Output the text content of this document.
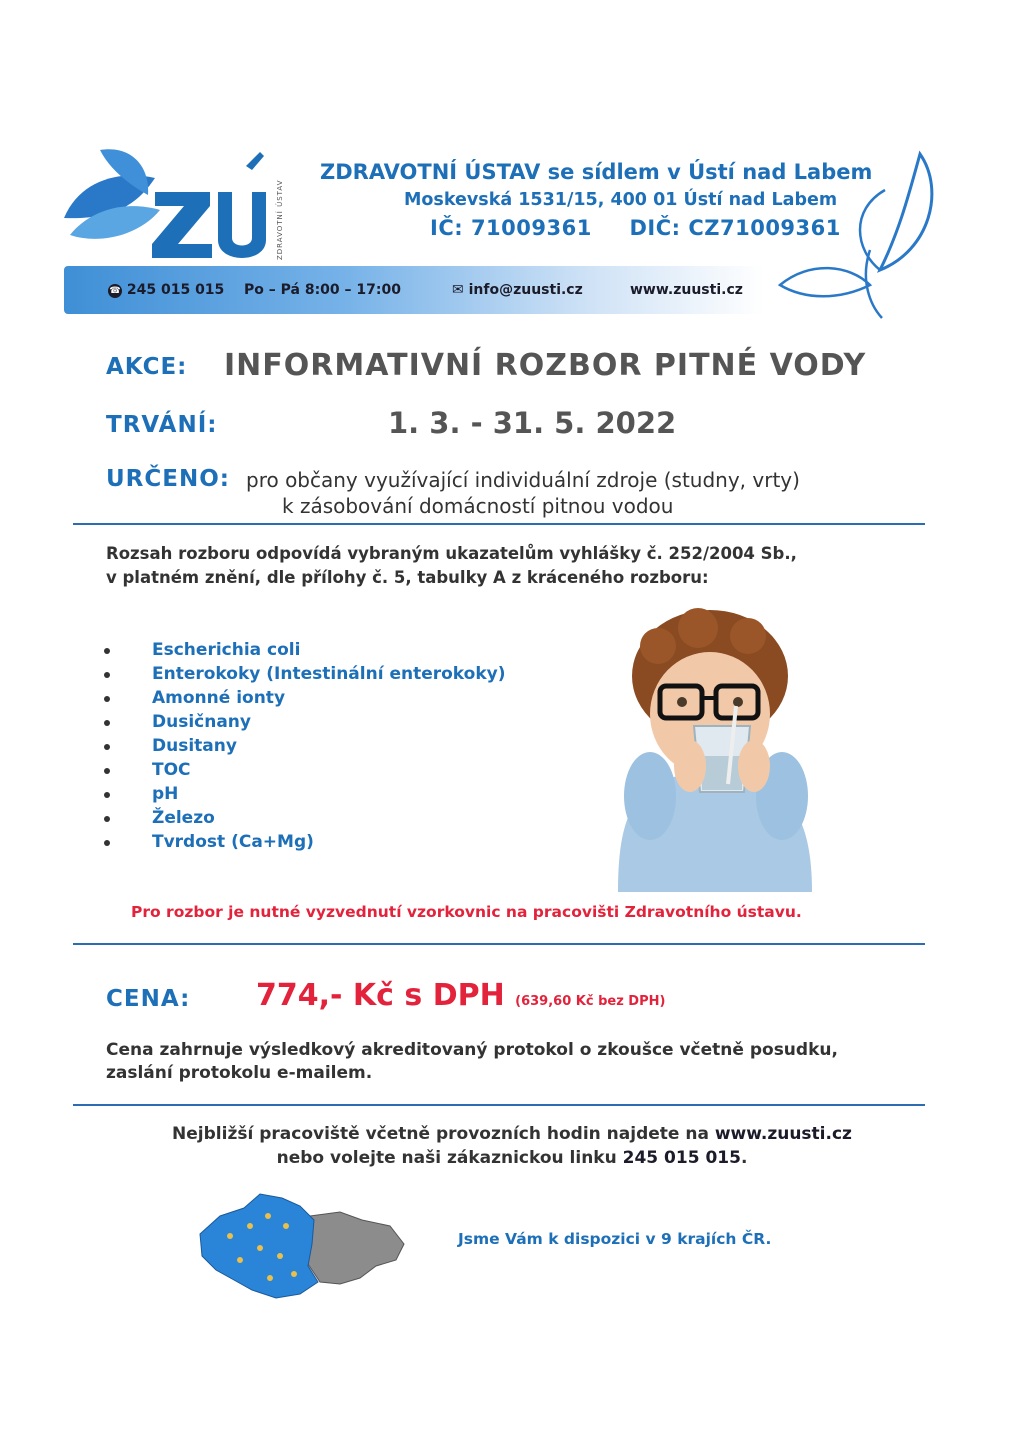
ZDRAVOTNÍ ÚSTAV
ZDRAVOTNÍ ÚSTAV se sídlem v Ústí nad Labem
Moskevská 1531/15, 400 01 Ústí nad Labem
IČ: 71009361 DIČ: CZ71009361
☎ 245 015 015 Po – Pá 8:00 – 17:00	✉ info@zuusti.cz	www.zuusti.cz
AKCE: INFORMATIVNÍ ROZBOR PITNÉ VODY
TRVÁNÍ:	1. 3. - 31. 5. 2022
URČENO: pro občany využívající individuální zdroje (studny, vrty)
k zásobování domácností pitnou vodou
Rozsah rozboru odpovídá vybraným ukazatelům vyhlášky č. 252/2004 Sb.,
v platném znění, dle přílohy č. 5, tabulky A z kráceného rozboru:
Escherichia coli
Enterokoky (Intestinální enterokoky)
Amonné ionty
Dusičnany
Dusitany
TOC
pH
Železo
Tvrdost (Ca+Mg)
Pro rozbor je nutné vyzvednutí vzorkovnic na pracovišti Zdravotního ústavu.
CENA: 774,- Kč s DPH (639,60 Kč bez DPH)
Cena zahrnuje výsledkový akreditovaný protokol o zkoušce včetně posudku,
zaslání protokolu e-mailem.
Nejbližší pracoviště včetně provozních hodin najdete na www.zuusti.cz
nebo volejte naši zákaznickou linku 245 015 015.
Jsme Vám k dispozici v 9 krajích ČR.
